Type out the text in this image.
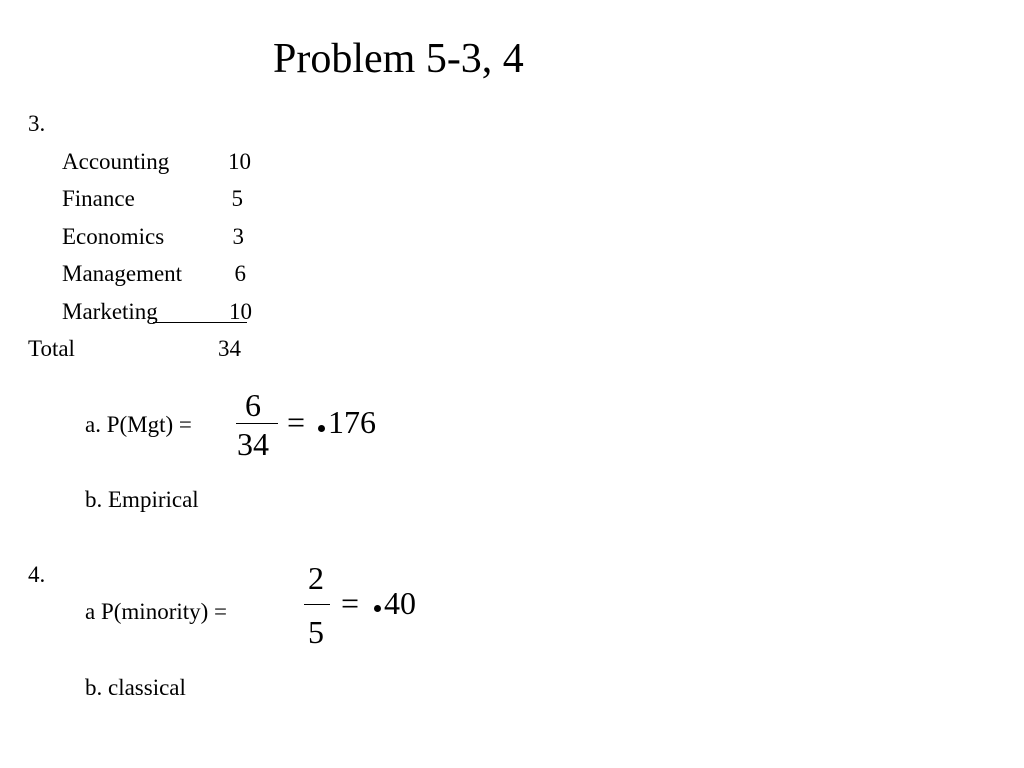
Problem 5-3, 4
3.
Accounting	10
Finance	5
Economics	3
Management	6
Marketing	10
Total	34
a. P(Mgt) =
6
34
= 176
b. Empirical
4.
a P(minority) =
2
5
= 40
b. classical
